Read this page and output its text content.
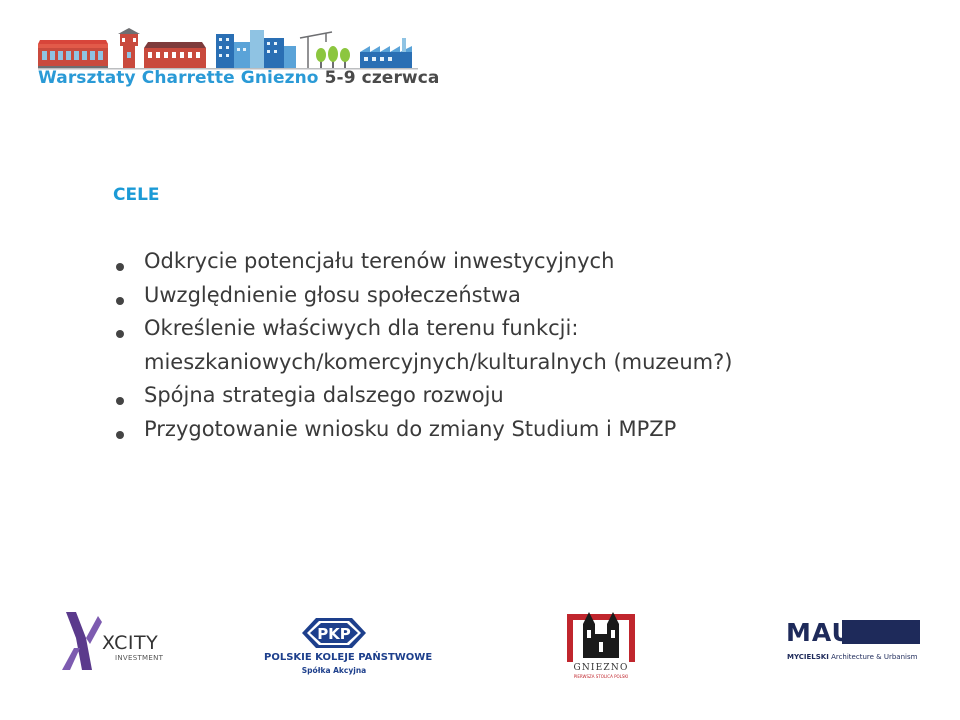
Warsztaty Charrette Gniezno 5-9 czerwca
CELE
Odkrycie potencjału terenów inwestycyjnych
Uwzględnienie głosu społeczeństwa
Określenie właściwych dla terenu funkcji:
mieszkaniowych/komercyjnych/kulturalnych (muzeum?)
Spójna strategia dalszego rozwoju
Przygotowanie wniosku do zmiany Studium i MPZP
XCITY
INVESTMENT
PKP
POLSKIE KOLEJE PAŃSTWOWE
Spółka Akcyjna	GNIEZNO
PIERWSZA STOLICA POLSKI
MAU
MYCIELSKI Architecture & Urbanism
